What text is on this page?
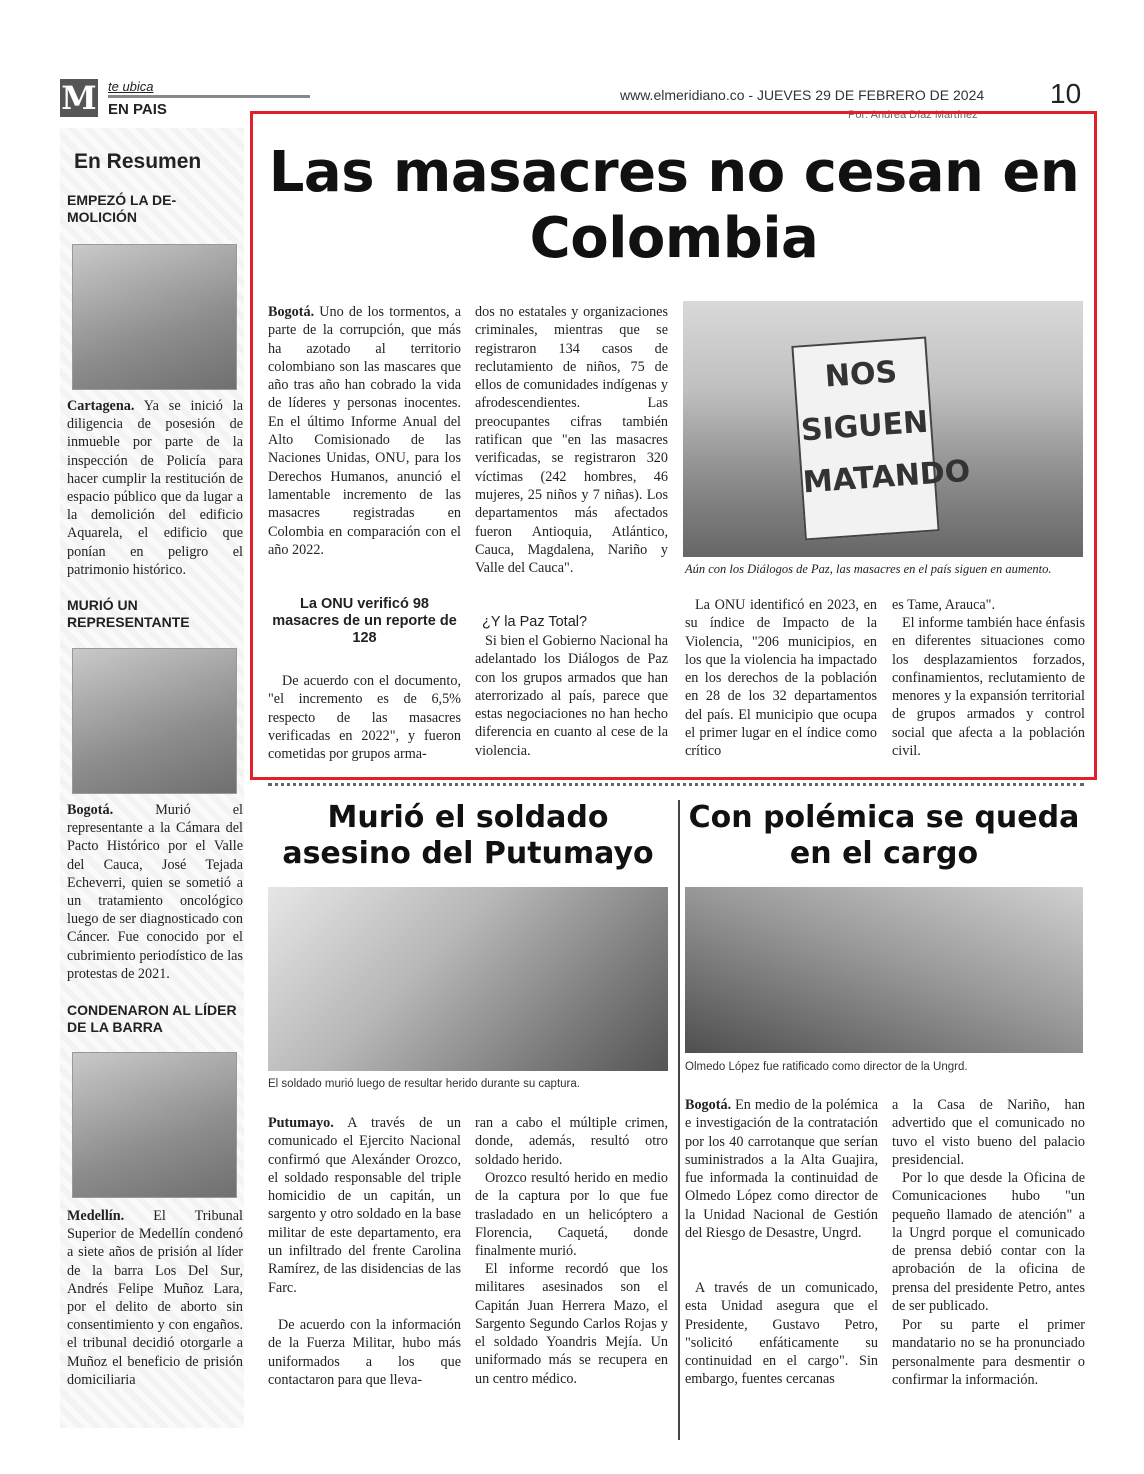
M te ubica
EN PAIS
www.elmeridiano.co - JUEVES 29 DE FEBRERO DE 2024 10
Por: Andrea Díaz Martínez
En Resumen
EMPEZÓ LA DE-MOLICIÓN
Cartagena. Ya se inició la diligencia de posesión de inmueble por parte de la inspección de Policía para hacer cumplir la restitución de espacio público que da lugar a la demolición del edificio Aquarela, el edificio que ponían en peligro el patrimonio histórico.
MURIÓ UN REPRESENTANTE
Bogotá. Murió el representante a la Cámara del Pacto Histórico por el Valle del Cauca, José Tejada Echeverri, quien se sometió a un tratamiento oncológico luego de ser diagnosticado con Cáncer. Fue conocido por el cubrimiento periodístico de las protestas de 2021.
CONDENARON AL LÍDER DE LA BARRA
Medellín. El Tribunal Superior de Medellín condenó a siete años de prisión al líder de la barra Los Del Sur, Andrés Felipe Muñoz Lara, por el delito de aborto sin consentimiento y con engaños. el tribunal decidió otorgarle a Muñoz el beneficio de prisión domiciliaria
Las masacres no cesan en Colombia
Bogotá. Uno de los tormentos, a parte de la corrupción, que más ha azotado al territorio colombiano son las mascares que año tras año han cobrado la vida de líderes y personas inocentes. En el último Informe Anual del Alto Comisionado de las Naciones Unidas, ONU, para los Derechos Humanos, anunció el lamentable incremento de las masacres registradas en Colombia en comparación con el año 2022.
La ONU verificó 98 masacres de un reporte de 128
De acuerdo con el documento, "el incremento es de 6,5% respecto de las masacres verificadas en 2022", y fueron cometidas por grupos arma-
dos no estatales y organizaciones criminales, mientras que se registraron 134 casos de reclutamiento de niños, 75 de ellos de comunidades indígenas y afrodescendientes. Las preocupantes cifras también ratifican que "en las masacres verificadas, se registraron 320 víctimas (242 hombres, 46 mujeres, 25 niños y 7 niñas). Los departamentos más afectados fueron Antioquia, Atlántico, Cauca, Magdalena, Nariño y Valle del Cauca".
¿Y la Paz Total?
Si bien el Gobierno Nacional ha adelantado los Diálogos de Paz con los grupos armados que han aterrorizado al país, parece que estas negociaciones no han hecho diferencia en cuanto al cese de la violencia.
NOS SIGUEN MATANDO
Aún con los Diálogos de Paz, las masacres en el país siguen en aumento.
La ONU identificó en 2023, en su índice de Impacto de la Violencia, "206 municipios, en los que la violencia ha impactado en los derechos de la población en 28 de los 32 departamentos del país. El municipio que ocupa el primer lugar en el índice como crítico
es Tame, Arauca".
El informe también hace énfasis en diferentes situaciones como los desplazamientos forzados, confinamientos, reclutamiento de menores y la expansión territorial de grupos armados y control social que afecta a la población civil.
Murió el soldado asesino del Putumayo
El soldado murió luego de resultar herido durante su captura.
Putumayo. A través de un comunicado el Ejercito Nacional confirmó que Alexánder Orozco, el soldado responsable del triple homicidio de un capitán, un sargento y otro soldado en la base militar de este departamento, era un infiltrado del frente Carolina Ramírez, de las disidencias de las Farc.
De acuerdo con la información de la Fuerza Militar, hubo más uniformados a los que contactaron para que lleva-
ran a cabo el múltiple crimen, donde, además, resultó otro soldado herido.
Orozco resultó herido en medio de la captura por lo que fue trasladado en un helicóptero a Florencia, Caquetá, donde finalmente murió.
El informe recordó que los militares asesinados son el Capitán Juan Herrera Mazo, el Sargento Segundo Carlos Rojas y el soldado Yoandris Mejía. Un uniformado más se recupera en un centro médico.
Con polémica se queda en el cargo
Olmedo López fue ratificado como director de la Ungrd.
Bogotá. En medio de la polémica e investigación de la contratación por los 40 carrotanque que serían suministrados a la Alta Guajira, fue informada la continuidad de Olmedo López como director de la Unidad Nacional de Gestión del Riesgo de Desastre, Ungrd.
A través de un comunicado, esta Unidad asegura que el Presidente, Gustavo Petro, "solicitó enfáticamente su continuidad en el cargo". Sin embargo, fuentes cercanas
a la Casa de Nariño, han advertido que el comunicado no tuvo el visto bueno del palacio presidencial.
Por lo que desde la Oficina de Comunicaciones hubo "un pequeño llamado de atención" a la Ungrd porque el comunicado de prensa debió contar con la aprobación de la oficina de prensa del presidente Petro, antes de ser publicado.
Por su parte el primer mandatario no se ha pronunciado personalmente para desmentir o confirmar la información.
